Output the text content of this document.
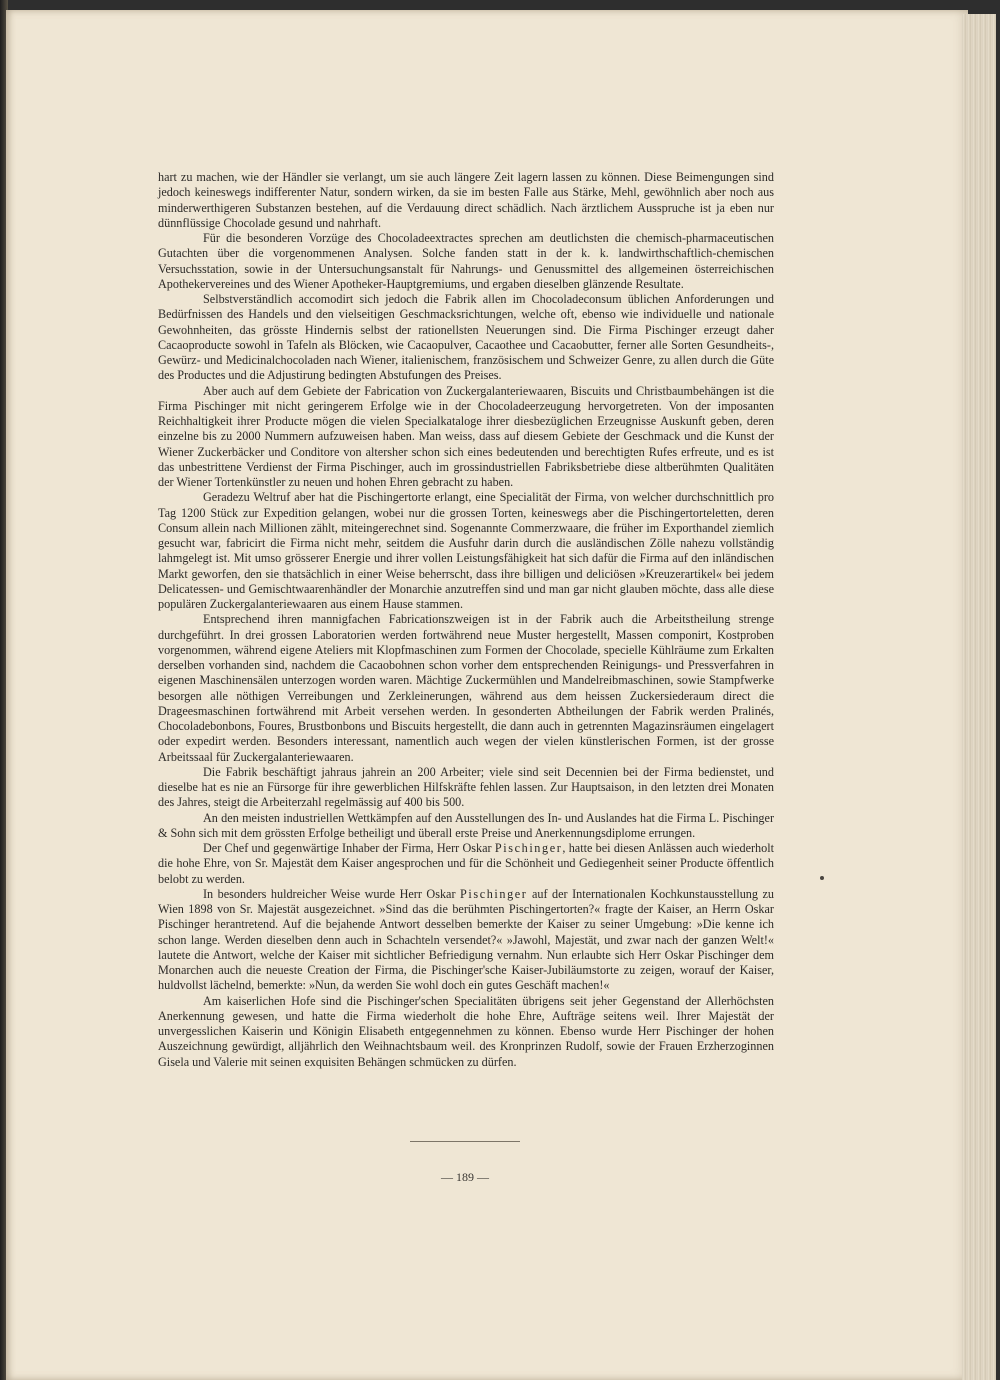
hart zu machen, wie der Händler sie verlangt, um sie auch längere Zeit lagern lassen zu können. Diese Beimengungen sind jedoch keineswegs indifferenter Natur, sondern wirken, da sie im besten Falle aus Stärke, Mehl, gewöhnlich aber noch aus minderwerthigeren Substanzen bestehen, auf die Verdauung direct schädlich. Nach ärztlichem Ausspruche ist ja eben nur dünnflüssige Chocolade gesund und nahrhaft.

Für die besonderen Vorzüge des Chocoladeextractes sprechen am deutlichsten die chemisch-pharmaceutischen Gutachten über die vorgenommenen Analysen. Solche fanden statt in der k. k. landwirthschaftlich-chemischen Versuchsstation, sowie in der Untersuchungsanstalt für Nahrungs- und Genussmittel des allgemeinen österreichischen Apothekervereines und des Wiener Apotheker-Hauptgremiums, und ergaben dieselben glänzende Resultate.

Selbstverständlich accomodirt sich jedoch die Fabrik allen im Chocoladeconsum üblichen Anforderungen und Bedürfnissen des Handels und den vielseitigen Geschmacksrichtungen, welche oft, ebenso wie individuelle und nationale Gewohnheiten, das grösste Hindernis selbst der rationellsten Neuerungen sind. Die Firma Pischinger erzeugt daher Cacaoproducte sowohl in Tafeln als Blöcken, wie Cacaopulver, Cacaothee und Cacaobutter, ferner alle Sorten Gesundheits-, Gewürz- und Medicinalchocoladen nach Wiener, italienischem, französischem und Schweizer Genre, zu allen durch die Güte des Productes und die Adjustirung bedingten Abstufungen des Preises.

Aber auch auf dem Gebiete der Fabrication von Zuckergalanteriewaaren, Biscuits und Christbaumbehängen ist die Firma Pischinger mit nicht geringerem Erfolge wie in der Chocoladeerzeugung hervorgetreten. Von der imposanten Reichhaltigkeit ihrer Producte mögen die vielen Specialkataloge ihrer diesbezüglichen Erzeugnisse Auskunft geben, deren einzelne bis zu 2000 Nummern aufzuweisen haben. Man weiss, dass auf diesem Gebiete der Geschmack und die Kunst der Wiener Zuckerbäcker und Conditore von altersher schon sich eines bedeutenden und berechtigten Rufes erfreute, und es ist das unbestrittene Verdienst der Firma Pischinger, auch im grossindustriellen Fabriksbetriebe diese altberühmten Qualitäten der Wiener Tortenkünstler zu neuen und hohen Ehren gebracht zu haben.

Geradezu Weltruf aber hat die Pischingertorte erlangt, eine Specialität der Firma, von welcher durchschnittlich pro Tag 1200 Stück zur Expedition gelangen, wobei nur die grossen Torten, keineswegs aber die Pischingertorteletten, deren Consum allein nach Millionen zählt, miteingerechnet sind. Sogenannte Commerzwaare, die früher im Exporthandel ziemlich gesucht war, fabricirt die Firma nicht mehr, seitdem die Ausfuhr darin durch die ausländischen Zölle nahezu vollständig lahmgelegt ist. Mit umso grösserer Energie und ihrer vollen Leistungsfähigkeit hat sich dafür die Firma auf den inländischen Markt geworfen, den sie thatsächlich in einer Weise beherrscht, dass ihre billigen und deliciösen »Kreuzerartikel« bei jedem Delicatessen- und Gemischtwaarenhändler der Monarchie anzutreffen sind und man gar nicht glauben möchte, dass alle diese populären Zuckergalanteriewaaren aus einem Hause stammen.

Entsprechend ihren mannigfachen Fabricationszweigen ist in der Fabrik auch die Arbeitstheilung strenge durchgeführt. In drei grossen Laboratorien werden fortwährend neue Muster hergestellt, Massen componirt, Kostproben vorgenommen, während eigene Ateliers mit Klopfmaschinen zum Formen der Chocolade, specielle Kühlräume zum Erkalten derselben vorhanden sind, nachdem die Cacaobohnen schon vorher dem entsprechenden Reinigungs- und Pressverfahren in eigenen Maschinensälen unterzogen worden waren. Mächtige Zuckermühlen und Mandelreibmaschinen, sowie Stampfwerke besorgen alle nöthigen Verreibungen und Zerkleinerungen, während aus dem heissen Zuckersiederaum direct die Drageesmaschinen fortwährend mit Arbeit versehen werden. In gesonderten Abtheilungen der Fabrik werden Pralinés, Chocoladebonbons, Foures, Brustbonbons und Biscuits hergestellt, die dann auch in getrennten Magazinsräumen eingelagert oder expedirt werden. Besonders interessant, namentlich auch wegen der vielen künstlerischen Formen, ist der grosse Arbeitssaal für Zuckergalanteriewaaren.

Die Fabrik beschäftigt jahraus jahrein an 200 Arbeiter; viele sind seit Decennien bei der Firma bedienstet, und dieselbe hat es nie an Fürsorge für ihre gewerblichen Hilfskräfte fehlen lassen. Zur Hauptsaison, in den letzten drei Monaten des Jahres, steigt die Arbeiterzahl regelmässig auf 400 bis 500.

An den meisten industriellen Wettkämpfen auf den Ausstellungen des In- und Auslandes hat die Firma L. Pischinger & Sohn sich mit dem grössten Erfolge betheiligt und überall erste Preise und Anerkennungsdiplome errungen.

Der Chef und gegenwärtige Inhaber der Firma, Herr Oskar Pischinger, hatte bei diesen Anlässen auch wiederholt die hohe Ehre, von Sr. Majestät dem Kaiser angesprochen und für die Schönheit und Gediegenheit seiner Producte öffentlich belobt zu werden.

In besonders huldreicher Weise wurde Herr Oskar Pischinger auf der Internationalen Kochkunstausstellung zu Wien 1898 von Sr. Majestät ausgezeichnet. »Sind das die berühmten Pischingertorten?« fragte der Kaiser, an Herrn Oskar Pischinger herantretend. Auf die bejahende Antwort desselben bemerkte der Kaiser zu seiner Umgebung: »Die kenne ich schon lange. Werden dieselben denn auch in Schachteln versendet?« »Jawohl, Majestät, und zwar nach der ganzen Welt!« lautete die Antwort, welche der Kaiser mit sichtlicher Befriedigung vernahm. Nun erlaubte sich Herr Oskar Pischinger dem Monarchen auch die neueste Creation der Firma, die Pischinger'sche Kaiser-Jubiläumstorte zu zeigen, worauf der Kaiser, huldvollst lächelnd, bemerkte: »Nun, da werden Sie wohl doch ein gutes Geschäft machen!«

Am kaiserlichen Hofe sind die Pischinger'schen Specialitäten übrigens seit jeher Gegenstand der Allerhöchsten Anerkennung gewesen, und hatte die Firma wiederholt die hohe Ehre, Aufträge seitens weil. Ihrer Majestät der unvergesslichen Kaiserin und Königin Elisabeth entgegennehmen zu können. Ebenso wurde Herr Pischinger der hohen Auszeichnung gewürdigt, alljährlich den Weihnachtsbaum weil. des Kronprinzen Rudolf, sowie der Frauen Erzherzoginnen Gisela und Valerie mit seinen exquisiten Behängen schmücken zu dürfen.

— 189 —
